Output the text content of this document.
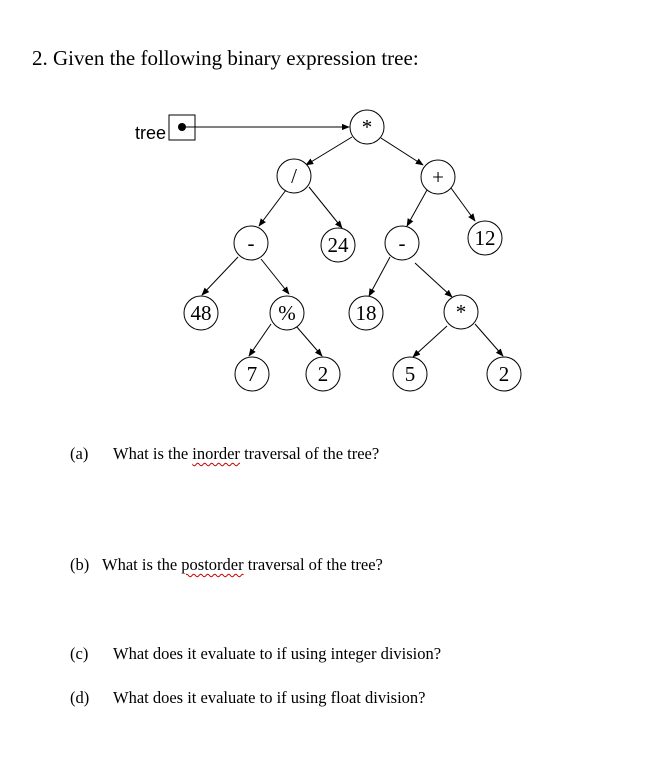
2. Given the following binary expression tree:
tree	*
/	+
-	24 -	12
48	%	18	*
7	2	5	2
(a) What is the inorder traversal of the tree?
(b) What is the postorder traversal of the tree?
(c) What does it evaluate to if using integer division?
(d) What does it evaluate to if using float division?
